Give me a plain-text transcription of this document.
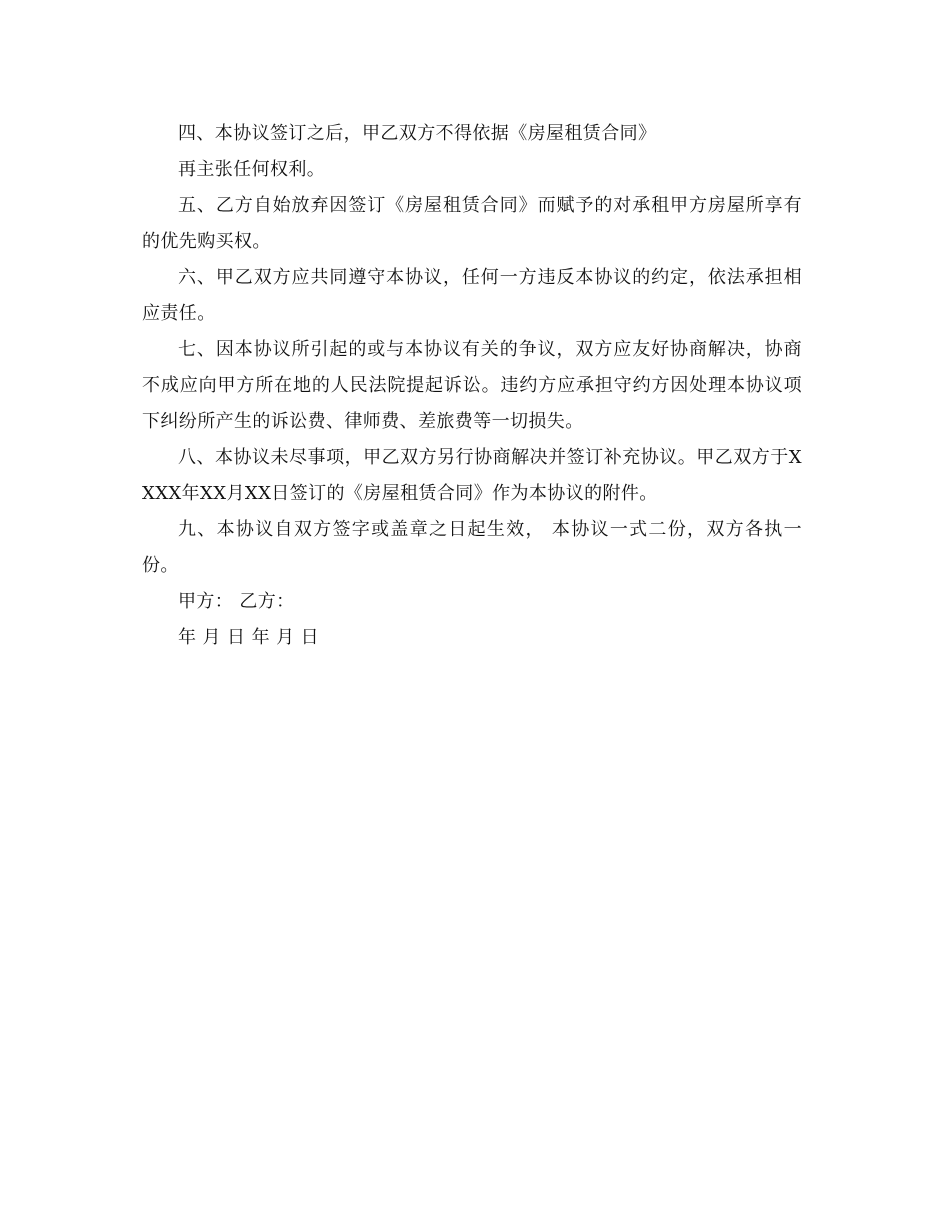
四、本协议签订之后，甲乙双方不得依据《房屋租赁合同》

再主张任何权利。

五、乙方自始放弃因签订《房屋租赁合同》而赋予的对承租甲方房屋所享有的优先购买权。

六、甲乙双方应共同遵守本协议，任何一方违反本协议的约定，依法承担相应责任。

七、因本协议所引起的或与本协议有关的争议，双方应友好协商解决，协商不成应向甲方所在地的人民法院提起诉讼。违约方应承担守约方因处理本协议项下纠纷所产生的诉讼费、律师费、差旅费等一切损失。

八、本协议未尽事项，甲乙双方另行协商解决并签订补充协议。甲乙双方于XXXX年XX月XX日签订的《房屋租赁合同》作为本协议的附件。

九、本协议自双方签字或盖章之日起生效， 本协议一式二份，双方各执一份。

甲方： 乙方：

年 月 日 年 月 日
